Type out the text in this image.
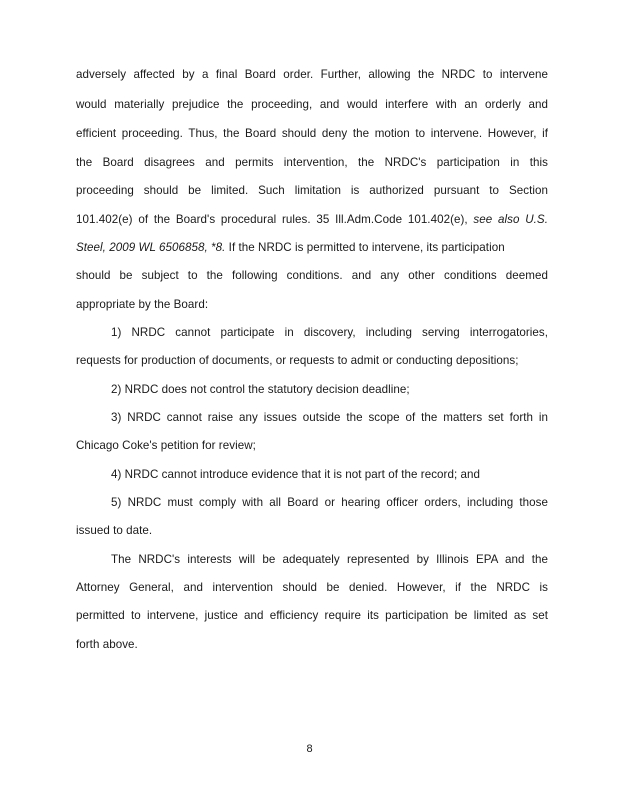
adversely affected by a final Board order. Further, allowing the NRDC to intervene
would materially prejudice the proceeding, and would interfere with an orderly and
efficient proceeding. Thus, the Board should deny the motion to intervene. However, if
the Board disagrees and permits intervention, the NRDC's participation in this
proceeding should be limited. Such limitation is authorized pursuant to Section
101.402(e) of the Board's procedural rules. 35 Ill.Adm.Code 101.402(e), see also U.S.
Steel, 2009 WL 6506858, *8. If the NRDC is permitted to intervene, its participation
should be subject to the following conditions. and any other conditions deemed
appropriate by the Board:
1) NRDC cannot participate in discovery, including serving interrogatories,
requests for production of documents, or requests to admit or conducting depositions;
2) NRDC does not control the statutory decision deadline;
3) NRDC cannot raise any issues outside the scope of the matters set forth in
Chicago Coke's petition for review;
4) NRDC cannot introduce evidence that it is not part of the record; and
5) NRDC must comply with all Board or hearing officer orders, including those
issued to date.
The NRDC's interests will be adequately represented by Illinois EPA and the
Attorney General, and intervention should be denied. However, if the NRDC is
permitted to intervene, justice and efficiency require its participation be limited as set
forth above.
8
